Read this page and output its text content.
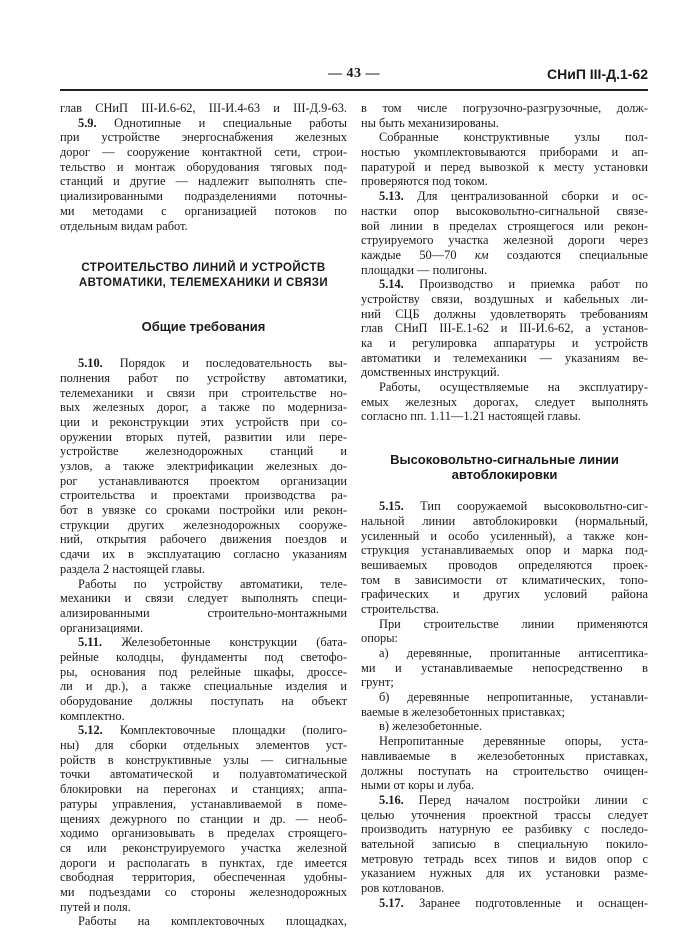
— 43 —	СНиП III-Д.1-62
глав СНиП III-И.6-62, III-И.4-63 и III-Д.9-63.
5.9. Однотипные и специальные работы
при устройстве энергоснабжения железных
дорог — сооружение контактной сети, строи-
тельство и монтаж оборудования тяговых под-
станций и другие — надлежит выполнять спе-
циализированными подразделениями поточны-
ми методами с организацией потоков по
отдельным видам работ.
СТРОИТЕЛЬСТВО ЛИНИЙ И УСТРОЙСТВ
АВТОМАТИКИ, ТЕЛЕМЕХАНИКИ И СВЯЗИ
Общие требования
5.10. Порядок и последовательность вы-
полнения работ по устройству автоматики,
телемеханики и связи при строительстве но-
вых железных дорог, а также по модерниза-
ции и реконструкции этих устройств при со-
оружении вторых путей, развитии или пере-
устройстве железнодорожных станций и
узлов, а также электрификации железных до-
рог устанавливаются проектом организации
строительства и проектами производства ра-
бот в увязке со сроками постройки или рекон-
струкции других железнодорожных сооруже-
ний, открытия рабочего движения поездов и
сдачи их в эксплуатацию согласно указаниям
раздела 2 настоящей главы.
Работы по устройству автоматики, теле-
механики и связи следует выполнять специ-
ализированными строительно-монтажными
организациями.
5.11. Железобетонные конструкции (бата-
рейные колодцы, фундаменты под светофо-
ры, основания под релейные шкафы, дроссе-
ли и др.), а также специальные изделия и
оборудование должны поступать на объект
комплектно.
5.12. Комплектовочные площадки (полиго-
ны) для сборки отдельных элементов уст-
ройств в конструктивные узлы — сигнальные
точки автоматической и полуавтоматической
блокировки на перегонах и станциях; аппа-
ратуры управления, устанавливаемой в поме-
щениях дежурного по станции и др. — необ-
ходимо организовывать в пределах строящего-
ся или реконструируемого участка железной
дороги и располагать в пунктах, где имеется
свободная территория, обеспеченная удобны-
ми подъездами со стороны железнодорожных
путей и поля.
Работы на комплектовочных площадках,
в том числе погрузочно-разгрузочные, долж-
ны быть механизированы.
Собранные конструктивные узлы пол-
ностью укомплектовываются приборами и ап-
паратурой и перед вывозкой к месту установки
проверяются под током.
5.13. Для централизованной сборки и ос-
настки опор высоковольтно-сигнальной связе-
вой линии в пределах строящегося или рекон-
струируемого участка железной дороги через
каждые 50—70 км создаются специальные
площадки — полигоны.
5.14. Производство и приемка работ по
устройству связи, воздушных и кабельных ли-
ний СЦБ должны удовлетворять требованиям
глав СНиП III-Е.1-62 и III-И.6-62, а установ-
ка и регулировка аппаратуры и устройств
автоматики и телемеханики — указаниям ве-
домственных инструкций.
Работы, осуществляемые на эксплуатиру-
емых железных дорогах, следует выполнять
согласно пп. 1.11—1.21 настоящей главы.
Высоковольтно-сигнальные линии
автоблокировки
5.15. Тип сооружаемой высоковольтно-сиг-
нальной линии автоблокировки (нормальный,
усиленный и особо усиленный), а также кон-
струкция устанавливаемых опор и марка под-
вешиваемых проводов определяются проек-
том в зависимости от климатических, топо-
графических и других условий района
строительства.
При строительстве линии применяются
опоры:
а) деревянные, пропитанные антисептика-
ми и устанавливаемые непосредственно в
грунт;
б) деревянные непропитанные, устанавли-
ваемые в железобетонных приставках;
в) железобетонные.
Непропитанные деревянные опоры, уста-
навливаемые в железобетонных приставках,
должны поступать на строительство очищен-
ными от коры и луба.
5.16. Перед началом постройки линии с
целью уточнения проектной трассы следует
производить натурную ее разбивку с последо-
вательной записью в специальную покило-
метровую тетрадь всех типов и видов опор с
указанием нужных для их установки разме-
ров котлованов.
5.17. Заранее подготовленные и оснащен-
